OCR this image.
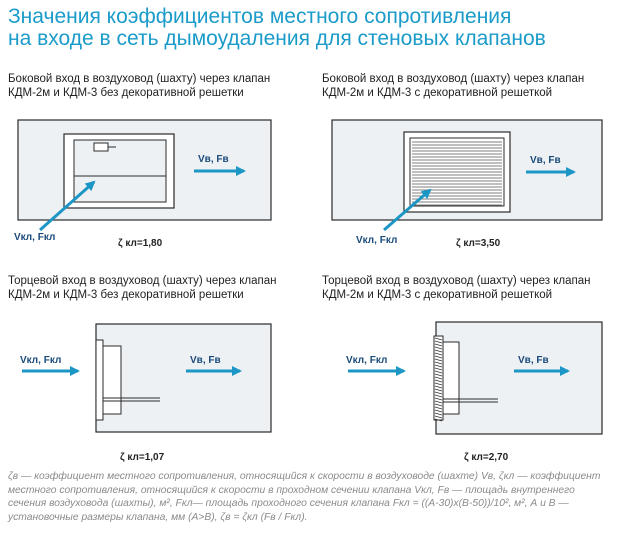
Значения коэффициентов местного сопротивления
на входе в сеть дымоудаления для стеновых клапанов
Боковой вход в воздуховод (шахту) через клапан
КДМ-2м и КДМ-3 без декоративной решетки
Vв, Fв
Vкл, Fкл
ζ кл=1,80
Боковой вход в воздуховод (шахту) через клапан
КДМ-2м и КДМ-3 с декоративной решеткой
Vв, Fв
Vкл, Fкл	ζ кл=3,50
Торцевой вход в воздуховод (шахту) через клапан
КДМ-2м и КДМ-3 без декоративной решетки
Vкл, Fкл	Vв, Fв
ζ кл=1,07
Торцевой вход в воздуховод (шахту) через клапан
КДМ-2м и КДМ-3 с декоративной решеткой
Vкл, Fкл	Vв, Fв
ζ кл=2,70
ζв — коэффициент местного сопротивления, относящийся к скорости в воздуховоде (шахте) Vв, ζкл — коэффициент
местного сопротивления, относящийся к скорости в проходном сечении клапана Vкл, Fв — площадь внутреннего
сечения воздуховода (шахты), м², Fкл— площадь проходного сечения клапана Fкл = ((A-30)x(B-50))/10², м², А и В —
установочные размеры клапана, мм (A>B), ζв = ζкл (Fв / Fкл).
